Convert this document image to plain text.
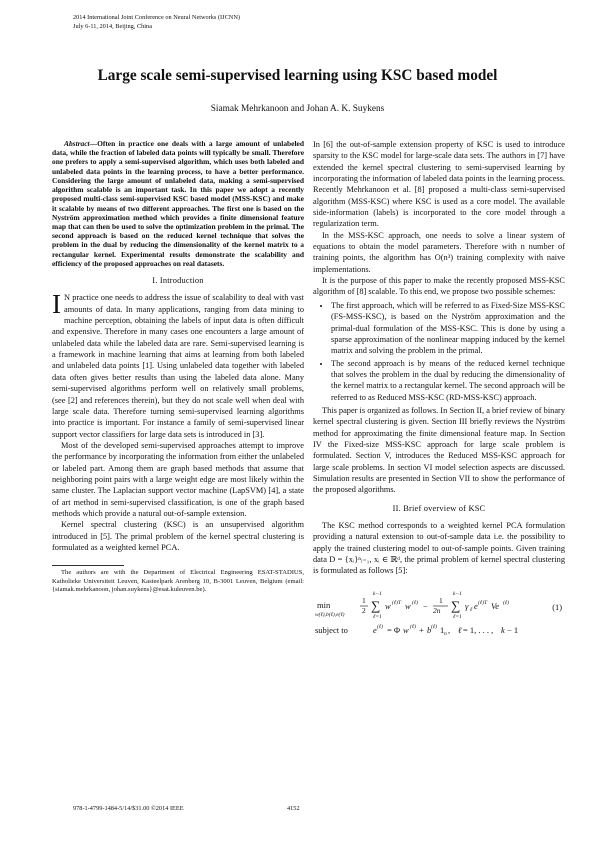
2014 International Joint Conference on Neural Networks (IJCNN)
July 6-11, 2014, Beijing, China
Large scale semi-supervised learning using KSC based model
Siamak Mehrkanoon and Johan A. K. Suykens

Abstract—Often in practice one deals with a large amount of unlabeled data, while the fraction of labeled data points will typically be small. Therefore one prefers to apply a semi-supervised algorithm, which uses both labeled and unlabeled data points in the learning process, to have a better performance. Considering the large amount of unlabeled data, making a semi-supervised algorithm scalable is an important task. In this paper we adopt a recently proposed multi-class semi-supervised KSC based model (MSS-KSC) and make it scalable by means of two different approaches. The first one is based on the Nyström approximation method which provides a finite dimensional feature map that can then be used to solve the optimization problem in the primal. The second approach is based on the reduced kernel technique that solves the problem in the dual by reducing the dimensionality of the kernel matrix to a rectangular kernel. Experimental results demonstrate the scalability and efficiency of the proposed approaches on real datasets.

I. Introduction

I N practice one needs to address the issue of scalability to deal with vast amounts of data. In many applications, ranging from data mining to machine perception, obtaining the labels of input data is often difficult and expensive. Therefore in many cases one encounters a large amount of unlabeled data while the labeled data are rare. Semi-supervised learning is a framework in machine learning that aims at learning from both labeled and unlabeled data points [1]. Using unlabeled data together with labeled data often gives better results than using the labeled data alone. Many semi-supervised algorithms perform well on relatively small problems, (see [2] and references therein), but they do not scale well when deal with large scale data. Therefore turning semi-supervised learning algorithms into practice is important. For instance a family of semi-supervised linear support vector classifiers for large data sets is introduced in [3].

Most of the developed semi-supervised approaches attempt to improve the performance by incorporating the information from either the unlabeled or labeled part. Among them are graph based methods that assume that neighboring point pairs with a large weight edge are most likely within the same cluster. The Laplacian support vector machine (LapSVM) [4], a state of art method in semi-supervised classification, is one of the graph based methods which provide a natural out-of-sample extension.

Kernel spectral clustering (KSC) is an unsupervised algorithm introduced in [5]. The primal problem of the kernel spectral clustering is formulated as a weighted kernel PCA.

The authors are with the Department of Electrical Engineering ESAT-STADIUS, Katholieke Universiteit Leuven, Kasteelpark Arenberg 10, B-3001 Leuven, Belgium (email: {siamak.mehrkanoon, johan.suykens}@esat.kuleuven.be).

In [6] the out-of-sample extension property of KSC is used to introduce sparsity to the KSC model for large-scale data sets. The authors in [7] have extended the kernel spectral clustering to semi-supervised learning by incorporating the information of labeled data points in the learning process. Recently Mehrkanoon et al. [8] proposed a multi-class semi-supervised algorithm (MSS-KSC) where KSC is used as a core model. The available side-information (labels) is incorporated to the core model through a regularization term.

In the MSS-KSC approach, one needs to solve a linear system of equations to obtain the model parameters. Therefore with n number of training points, the algorithm has O(n³) training complexity with naive implementations.

It is the purpose of this paper to make the recently proposed MSS-KSC algorithm of [8] scalable. To this end, we propose two possible schemes:

• The first approach, which will be referred to as Fixed-Size MSS-KSC (FS-MSS-KSC), is based on the Nyström approximation and the primal-dual formulation of the MSS-KSC. This is done by using a sparse approximation of the nonlinear mapping induced by the kernel matrix and solving the problem in the primal.
• The second approach is by means of the reduced kernel technique that solves the problem in the dual by reducing the dimensionality of the kernel matrix to a rectangular kernel. The second approach will be referred to as Reduced MSS-KSC (RD-MSS-KSC) approach.

This paper is organized as follows. In Section II, a brief review of binary kernel spectral clustering is given. Section III briefly reviews the Nyström method for approximating the finite dimensional feature map. In Section IV the Fixed-size MSS-KSC approach for large scale problem is formulated. Section V, introduces the Reduced MSS-KSC approach for large scale problems. In section VI model selection aspects are discussed. Simulation results are presented in Section VII to show the performance of the proposed algorithms.

II. Brief overview of KSC

The KSC method corresponds to a weighted kernel PCA formulation providing a natural extension to out-of-sample data i.e. the possibility to apply the trained clustering model to out-of-sample points. Given training data D = {xᵢ}ⁿᵢ₌₁, xᵢ ∈ ℝᵈ, the primal problem of kernel spectral clustering is formulated as follows [5]:

min
w(ℓ),b(ℓ),e(ℓ)
1
2
k−1
∑
ℓ=1
w (ℓ)T w (ℓ) −
1
2n
k−1
∑
ℓ=1
γ ℓ e (ℓ)T Ve (ℓ)
subject to	e (ℓ) = Φ w (ℓ) + b (ℓ) 1 n , ℓ = 1, . . . , k − 1
(1)
978-1-4799-1484-5/14/$31.00 ©2014 IEEE	4152
